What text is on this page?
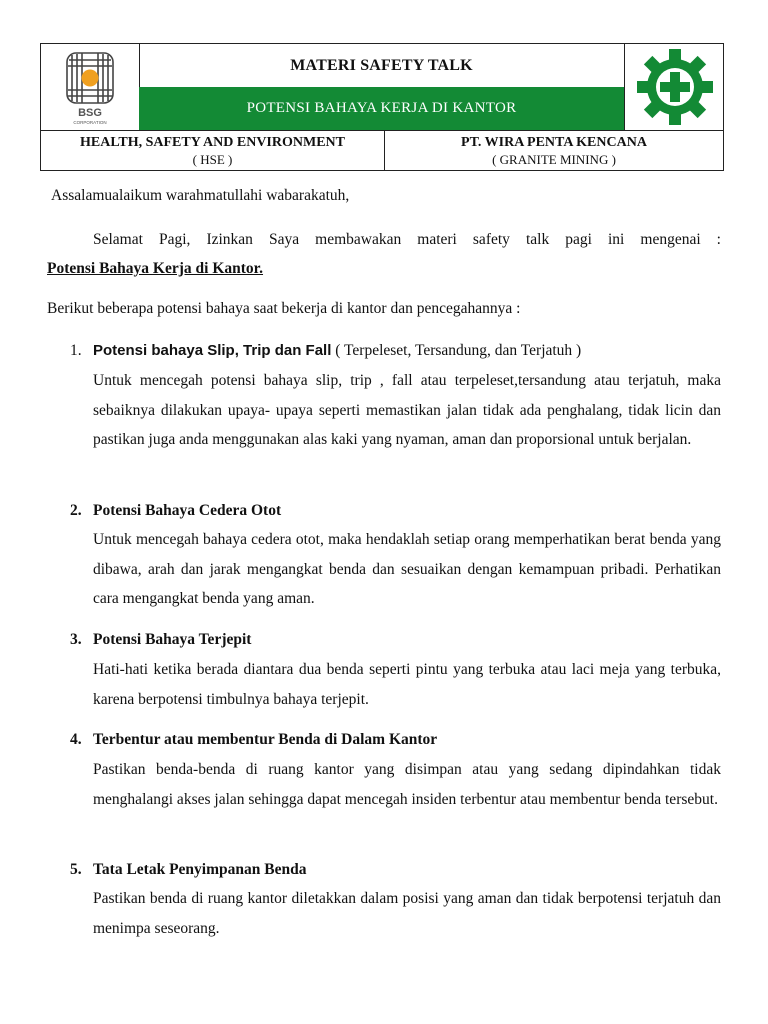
BSG
CORPORATION
MATERI SAFETY TALK
POTENSI BAHAYA KERJA DI KANTOR
HEALTH, SAFETY AND ENVIRONMENT
( HSE )
PT. WIRA PENTA KENCANA
( GRANITE MINING )
Assalamualaikum warahmatullahi wabarakatuh,
Selamat Pagi, Izinkan Saya membawakan materi safety talk pagi ini mengenai :
Potensi Bahaya Kerja di Kantor.
Berikut beberapa potensi bahaya saat bekerja di kantor dan pencegahannya :
1. Potensi bahaya Slip, Trip dan Fall ( Terpeleset, Tersandung, dan Terjatuh )
Untuk mencegah potensi bahaya slip, trip , fall atau terpeleset,tersandung atau terjatuh, maka sebaiknya dilakukan upaya- upaya seperti memastikan jalan tidak ada penghalang, tidak licin dan pastikan juga anda menggunakan alas kaki yang nyaman, aman dan proporsional untuk berjalan.
2. Potensi Bahaya Cedera Otot
Untuk mencegah bahaya cedera otot, maka hendaklah setiap orang memperhatikan berat benda yang dibawa, arah dan jarak mengangkat benda dan sesuaikan dengan kemampuan pribadi. Perhatikan cara mengangkat benda yang aman.
3. Potensi Bahaya Terjepit
Hati-hati ketika berada diantara dua benda seperti pintu yang terbuka atau laci meja yang terbuka, karena berpotensi timbulnya bahaya terjepit.
4. Terbentur atau membentur Benda di Dalam Kantor
Pastikan benda-benda di ruang kantor yang disimpan atau yang sedang dipindahkan tidak menghalangi akses jalan sehingga dapat mencegah insiden terbentur atau membentur benda tersebut.
5. Tata Letak Penyimpanan Benda
Pastikan benda di ruang kantor diletakkan dalam posisi yang aman dan tidak berpotensi terjatuh dan menimpa seseorang.
